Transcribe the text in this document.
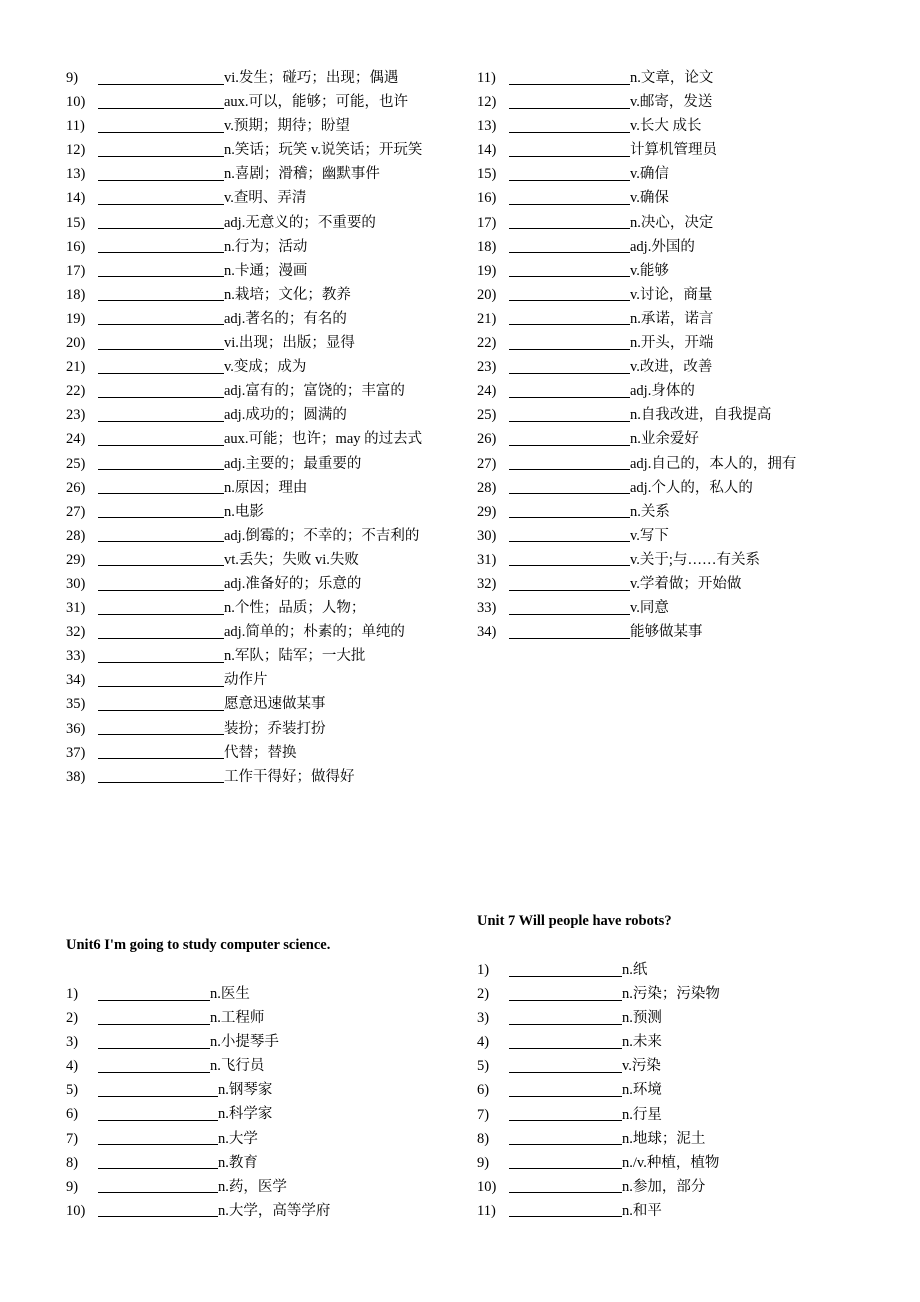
9)	vi.发生；碰巧；出现；偶遇
10)	aux.可以，能够；可能，也许
11)	v.预期；期待；盼望
12)	n.笑话；玩笑 v.说笑话；开玩笑
13)	n.喜剧；滑稽；幽默事件
14)	v.查明、弄清
15)	adj.无意义的；不重要的
16)	n.行为；活动
17)	n.卡通；漫画
18)	n.栽培；文化；教养
19)	adj.著名的；有名的
20)	vi.出现；出版；显得
21)	v.变成；成为
22)	adj.富有的；富饶的；丰富的
23)	adj.成功的；圆满的
24)	aux.可能；也许；may 的过去式
25)	adj.主要的；最重要的
26)	n.原因；理由
27)	n.电影
28)	adj.倒霉的；不幸的；不吉利的
29)	vt.丢失；失败 vi.失败
30)	adj.准备好的；乐意的
31)	n.个性；品质；人物；
32)	adj.简单的；朴素的；单纯的
33)	n.军队；陆军；一大批
34)	动作片
35)	愿意迅速做某事
36)	装扮；乔装打扮
37)	代替；替换
38)	工作干得好；做得好
11)	n.文章，论文
12)	v.邮寄，发送
13)	v.长大 成长
14)	计算机管理员
15)	v.确信
16)	v.确保
17)	n.决心，决定
18)	adj.外国的
19)	v.能够
20)	v.讨论，商量
21)	n.承诺，诺言
22)	n.开头，开端
23)	v.改进，改善
24)	adj.身体的
25)	n.自我改进，自我提高
26)	n.业余爱好
27)	adj.自己的，本人的，拥有
28)	adj.个人的，私人的
29)	n.关系
30)	v.写下
31)	v.关于;与……有关系
32)	v.学着做；开始做
33)	v.同意
34)	能够做某事
Unit6 I'm going to study computer science.
1)	n.医生
2)	n.工程师
3)	n.小提琴手
4)	n.飞行员
5)	n.钢琴家
6)	n.科学家
7)	n.大学
8)	n.教育
9)	n.药，医学
10)	n.大学，高等学府
Unit 7 Will people have robots?
1)	n.纸
2)	n.污染；污染物
3)	n.预测
4)	n.未来
5)	v.污染
6)	n.环境
7)	n.行星
8)	n.地球；泥土
9)	n./v.种植，植物
10)	n.参加，部分
11)	n.和平
